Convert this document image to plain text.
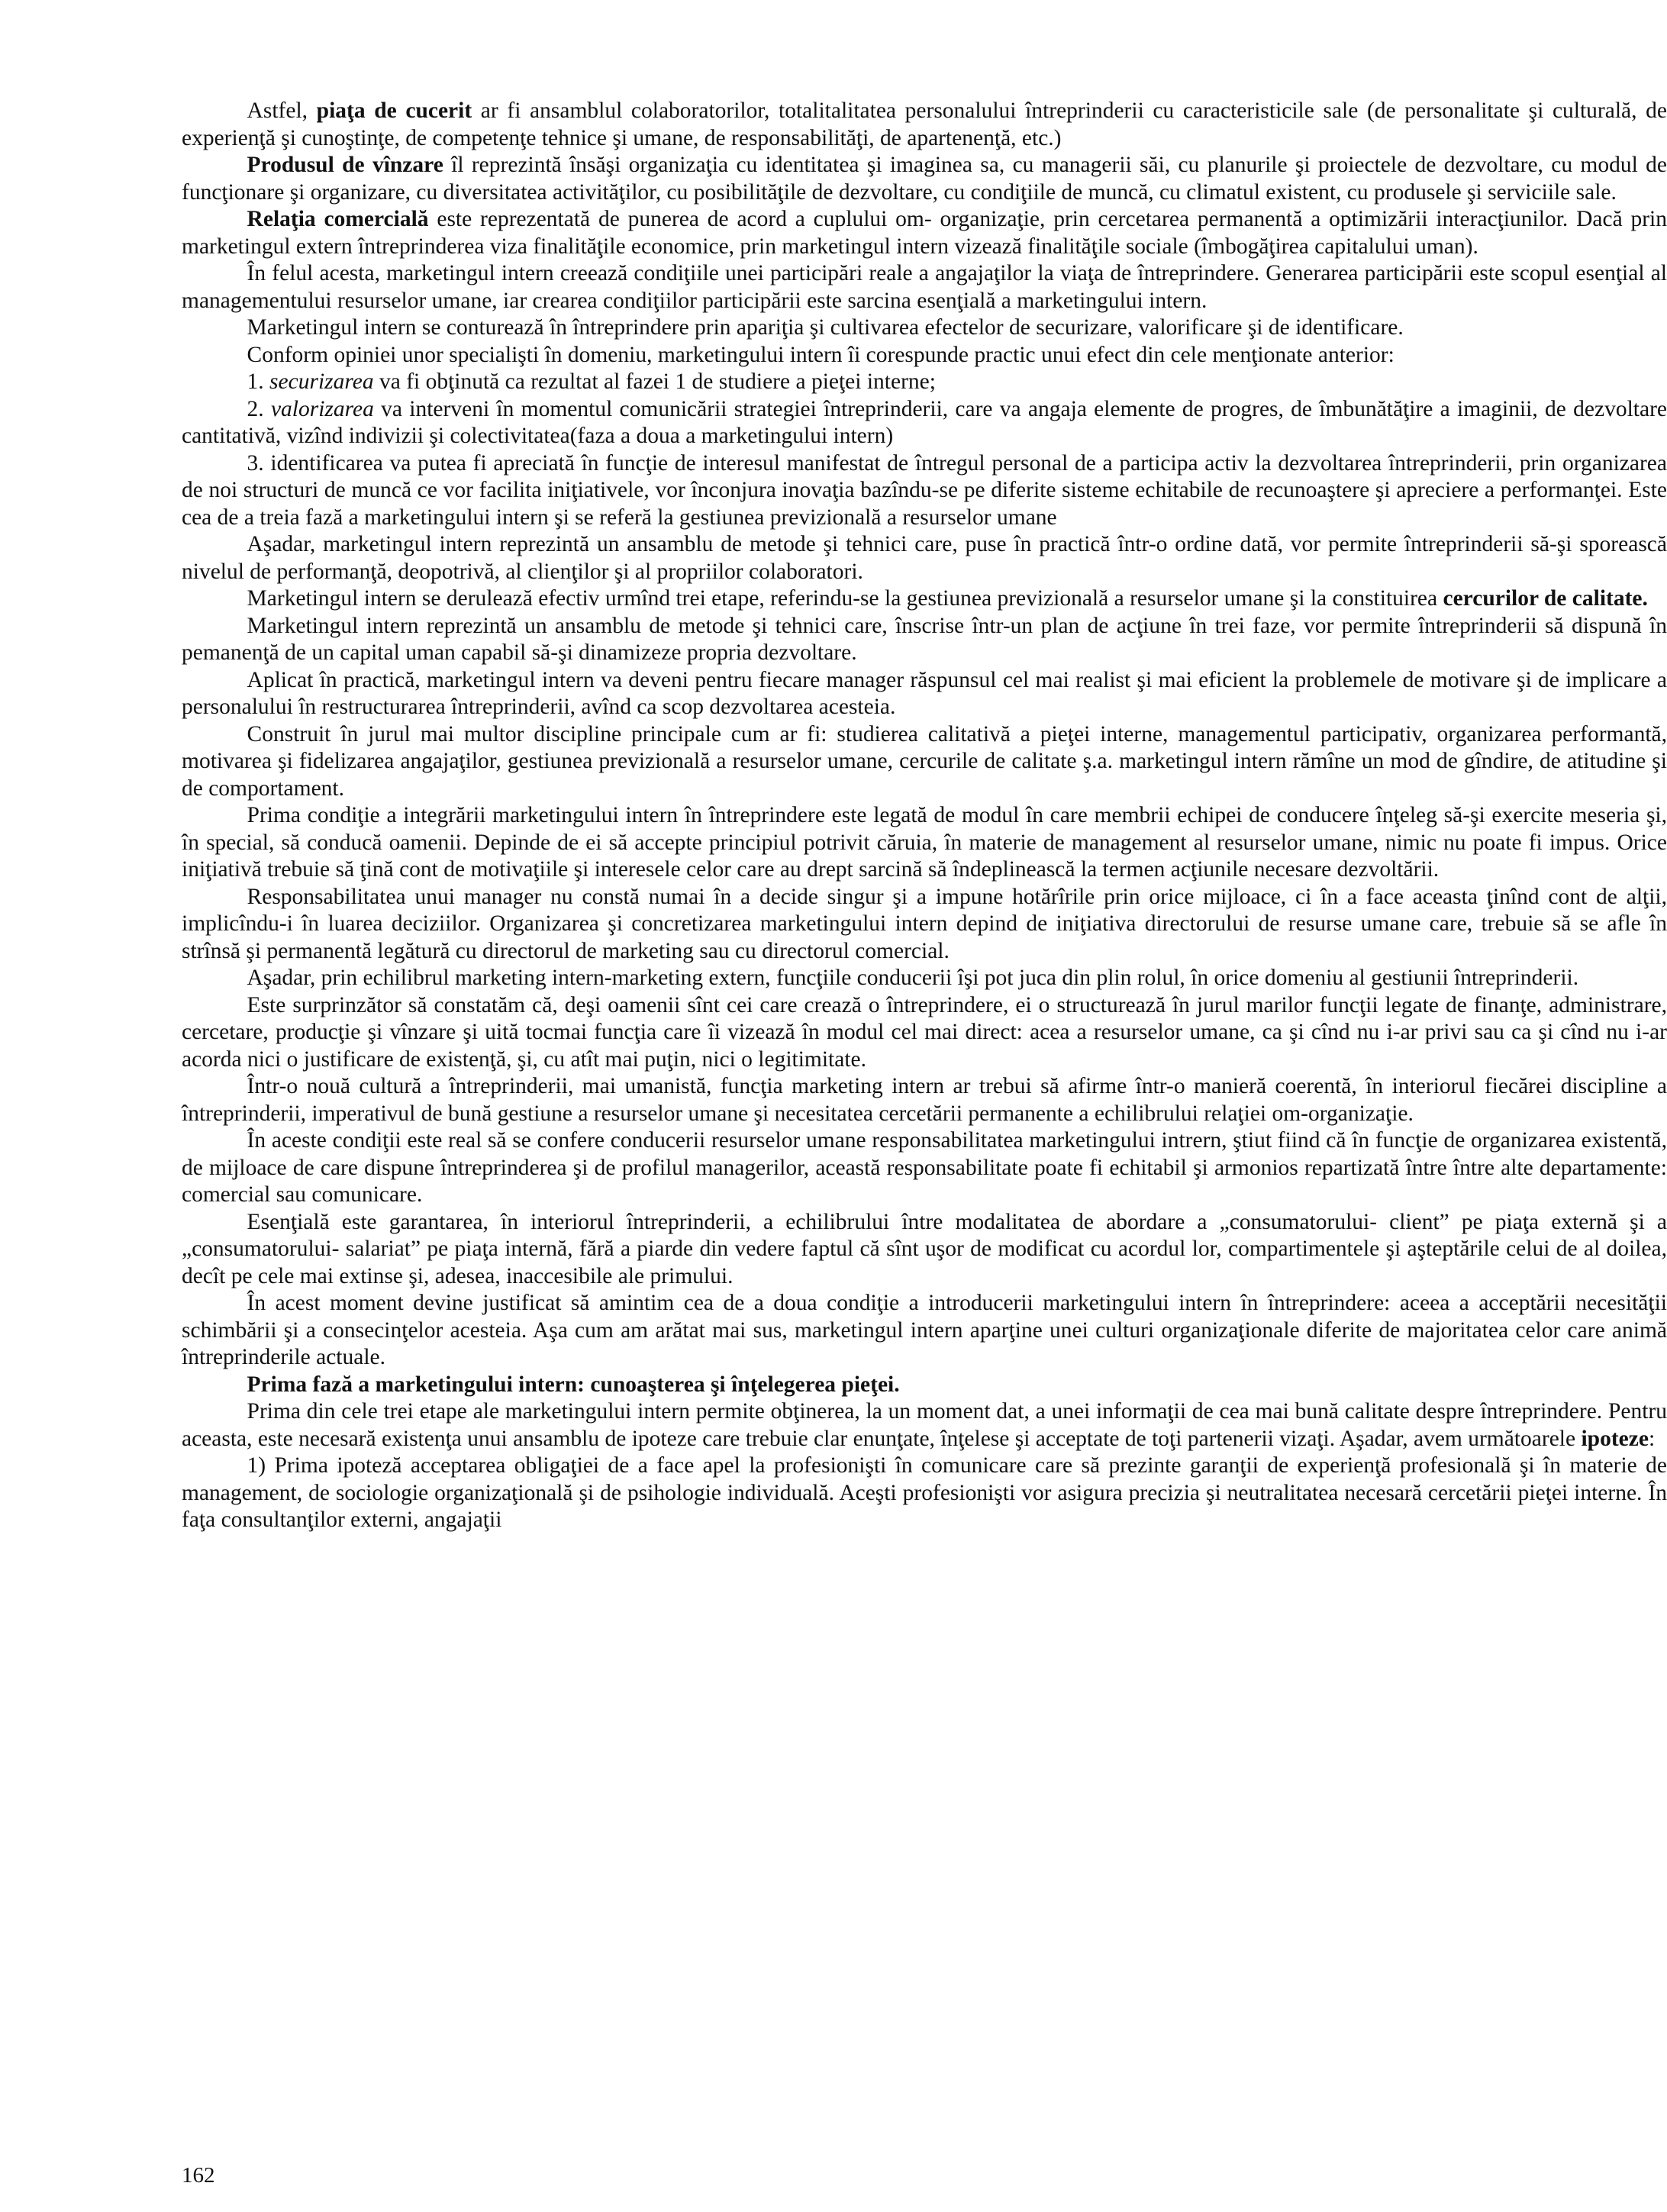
Astfel, piaţa de cucerit ar fi ansamblul colaboratorilor, totalitalitatea personalului întreprinderii cu caracteristicile sale (de personalitate şi culturală, de experienţă şi cunoştinţe, de competenţe tehnice şi umane, de responsabilităţi, de apartenenţă, etc.)

Produsul de vînzare îl reprezintă însăşi organizaţia cu identitatea şi imaginea sa, cu managerii săi, cu planurile şi proiectele de dezvoltare, cu modul de funcţionare şi organizare, cu diversitatea activităţilor, cu posibilităţile de dezvoltare, cu condiţiile de muncă, cu climatul existent, cu produsele şi serviciile sale.

Relaţia comercială este reprezentată de punerea de acord a cuplului om- organizaţie, prin cercetarea permanentă a optimizării interacţiunilor. Dacă prin marketingul extern întreprinderea viza finalităţile economice, prin marketingul intern vizează finalităţile sociale (îmbogăţirea capitalului uman).

În felul acesta, marketingul intern creează condiţiile unei participări reale a angajaţilor la viaţa de întreprindere. Generarea participării este scopul esenţial al managementului resurselor umane, iar crearea condiţiilor participării este sarcina esenţială a marketingului intern.

Marketingul intern se conturează în întreprindere prin apariţia şi cultivarea efectelor de securizare, valorificare şi de identificare.

Conform opiniei unor specialişti în domeniu, marketingului intern îi corespunde practic unui efect din cele menţionate anterior:

1. securizarea va fi obţinută ca rezultat al fazei 1 de studiere a pieţei interne;

2. valorizarea va interveni în momentul comunicării strategiei întreprinderii, care va angaja elemente de progres, de îmbunătăţire a imaginii, de dezvoltare cantitativă, vizînd indivizii şi colectivitatea(faza a doua a marketingului intern)

3. identificarea va putea fi apreciată în funcţie de interesul manifestat de întregul personal de a participa activ la dezvoltarea întreprinderii, prin organizarea de noi structuri de muncă ce vor facilita iniţiativele, vor înconjura inovaţia bazîndu-se pe diferite sisteme echitabile de recunoaştere şi apreciere a performanţei. Este cea de a treia fază a marketingului intern şi se referă la gestiunea previzională a resurselor umane

Aşadar, marketingul intern reprezintă un ansamblu de metode şi tehnici care, puse în practică într-o ordine dată, vor permite întreprinderii să-şi sporească nivelul de performanţă, deopotrivă, al clienţilor şi al propriilor colaboratori.

Marketingul intern se derulează efectiv urmînd trei etape, referindu-se la gestiunea previzională a resurselor umane şi la constituirea cercurilor de calitate.

Marketingul intern reprezintă un ansamblu de metode şi tehnici care, înscrise într-un plan de acţiune în trei faze, vor permite întreprinderii să dispună în pemanenţă de un capital uman capabil să-şi dinamizeze propria dezvoltare.

Aplicat în practică, marketingul intern va deveni pentru fiecare manager răspunsul cel mai realist şi mai eficient la problemele de motivare şi de implicare a personalului în restructurarea întreprinderii, avînd ca scop dezvoltarea acesteia.

Construit în jurul mai multor discipline principale cum ar fi: studierea calitativă a pieţei interne, managementul participativ, organizarea performantă, motivarea şi fidelizarea angajaţilor, gestiunea previzională a resurselor umane, cercurile de calitate ş.a. marketingul intern rămîne un mod de gîndire, de atitudine şi de comportament.

Prima condiţie a integrării marketingului intern în întreprindere este legată de modul în care membrii echipei de conducere înţeleg să-şi exercite meseria şi, în special, să conducă oamenii. Depinde de ei să accepte principiul potrivit căruia, în materie de management al resurselor umane, nimic nu poate fi impus. Orice iniţiativă trebuie să ţină cont de motivaţiile şi interesele celor care au drept sarcină să îndeplinească la termen acţiunile necesare dezvoltării.

Responsabilitatea unui manager nu constă numai în a decide singur şi a impune hotărîrile prin orice mijloace, ci în a face aceasta ţinînd cont de alţii, implicîndu-i în luarea deciziilor. Organizarea şi concretizarea marketingului intern depind de iniţiativa directorului de resurse umane care, trebuie să se afle în strînsă şi permanentă legătură cu directorul de marketing sau cu directorul comercial.

Aşadar, prin echilibrul marketing intern-marketing extern, funcţiile conducerii îşi pot juca din plin rolul, în orice domeniu al gestiunii întreprinderii.

Este surprinzător să constatăm că, deşi oamenii sînt cei care crează o întreprindere, ei o structurează în jurul marilor funcţii legate de finanţe, administrare, cercetare, producţie şi vînzare şi uită tocmai funcţia care îi vizează în modul cel mai direct: acea a resurselor umane, ca şi cînd nu i-ar privi sau ca şi cînd nu i-ar acorda nici o justificare de existenţă, şi, cu atît mai puţin, nici o legitimitate.

Într-o nouă cultură a întreprinderii, mai umanistă, funcţia marketing intern ar trebui să afirme într-o manieră coerentă, în interiorul fiecărei discipline a întreprinderii, imperativul de bună gestiune a resurselor umane şi necesitatea cercetării permanente a echilibrului relaţiei om-organizaţie.

În aceste condiţii este real să se confere conducerii resurselor umane responsabilitatea marketingului intrern, ştiut fiind că în funcţie de organizarea existentă, de mijloace de care dispune întreprinderea şi de profilul managerilor, această responsabilitate poate fi echitabil şi armonios repartizată între între alte departamente: comercial sau comunicare.

Esenţială este garantarea, în interiorul întreprinderii, a echilibrului între modalitatea de abordare a „consumatorului- client” pe piaţa externă şi a „consumatorului- salariat” pe piaţa internă, fără a piarde din vedere faptul că sînt uşor de modificat cu acordul lor, compartimentele şi aşteptările celui de al doilea, decît pe cele mai extinse şi, adesea, inaccesibile ale primului.

În acest moment devine justificat să amintim cea de a doua condiţie a introducerii marketingului intern în întreprindere: aceea a acceptării necesităţii schimbării şi a consecinţelor acesteia. Aşa cum am arătat mai sus, marketingul intern aparţine unei culturi organizaţionale diferite de majoritatea celor care animă întreprinderile actuale.

Prima fază a marketingului intern: cunoaşterea şi înţelegerea pieţei.

Prima din cele trei etape ale marketingului intern permite obţinerea, la un moment dat, a unei informaţii de cea mai bună calitate despre întreprindere. Pentru aceasta, este necesară existenţa unui ansamblu de ipoteze care trebuie clar enunţate, înţelese şi acceptate de toţi partenerii vizaţi. Aşadar, avem următoarele ipoteze:

1) Prima ipoteză acceptarea obligaţiei de a face apel la profesionişti în comunicare care să prezinte garanţii de experienţă profesională şi în materie de management, de sociologie organizaţională şi de psihologie individuală. Aceşti profesionişti vor asigura precizia şi neutralitatea necesară cercetării pieţei interne. În faţa consultanţilor externi, angajaţii

162
